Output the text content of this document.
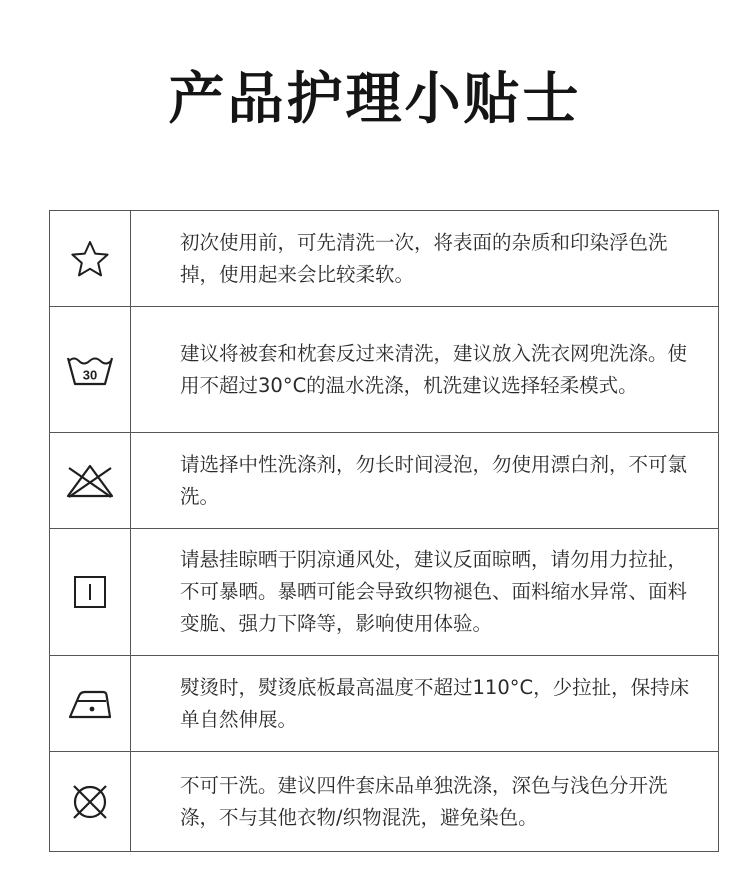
产品护理小贴士
初次使用前，可先清洗一次，将表面的杂质和印染浮色洗掉，使用起来会比较柔软。
30
建议将被套和枕套反过来清洗，建议放入洗衣网兜洗涤。使用不超过30°C的温水洗涤，机洗建议选择轻柔模式。
请选择中性洗涤剂，勿长时间浸泡，勿使用漂白剂，不可氯洗。
请悬挂晾晒于阴凉通风处，建议反面晾晒，请勿用力拉扯，不可暴晒。暴晒可能会导致织物褪色、面料缩水异常、面料变脆、强力下降等，影响使用体验。
熨烫时，熨烫底板最高温度不超过110°C，少拉扯，保持床单自然伸展。
不可干洗。建议四件套床品单独洗涤，深色与浅色分开洗涤，不与其他衣物/织物混洗，避免染色。
